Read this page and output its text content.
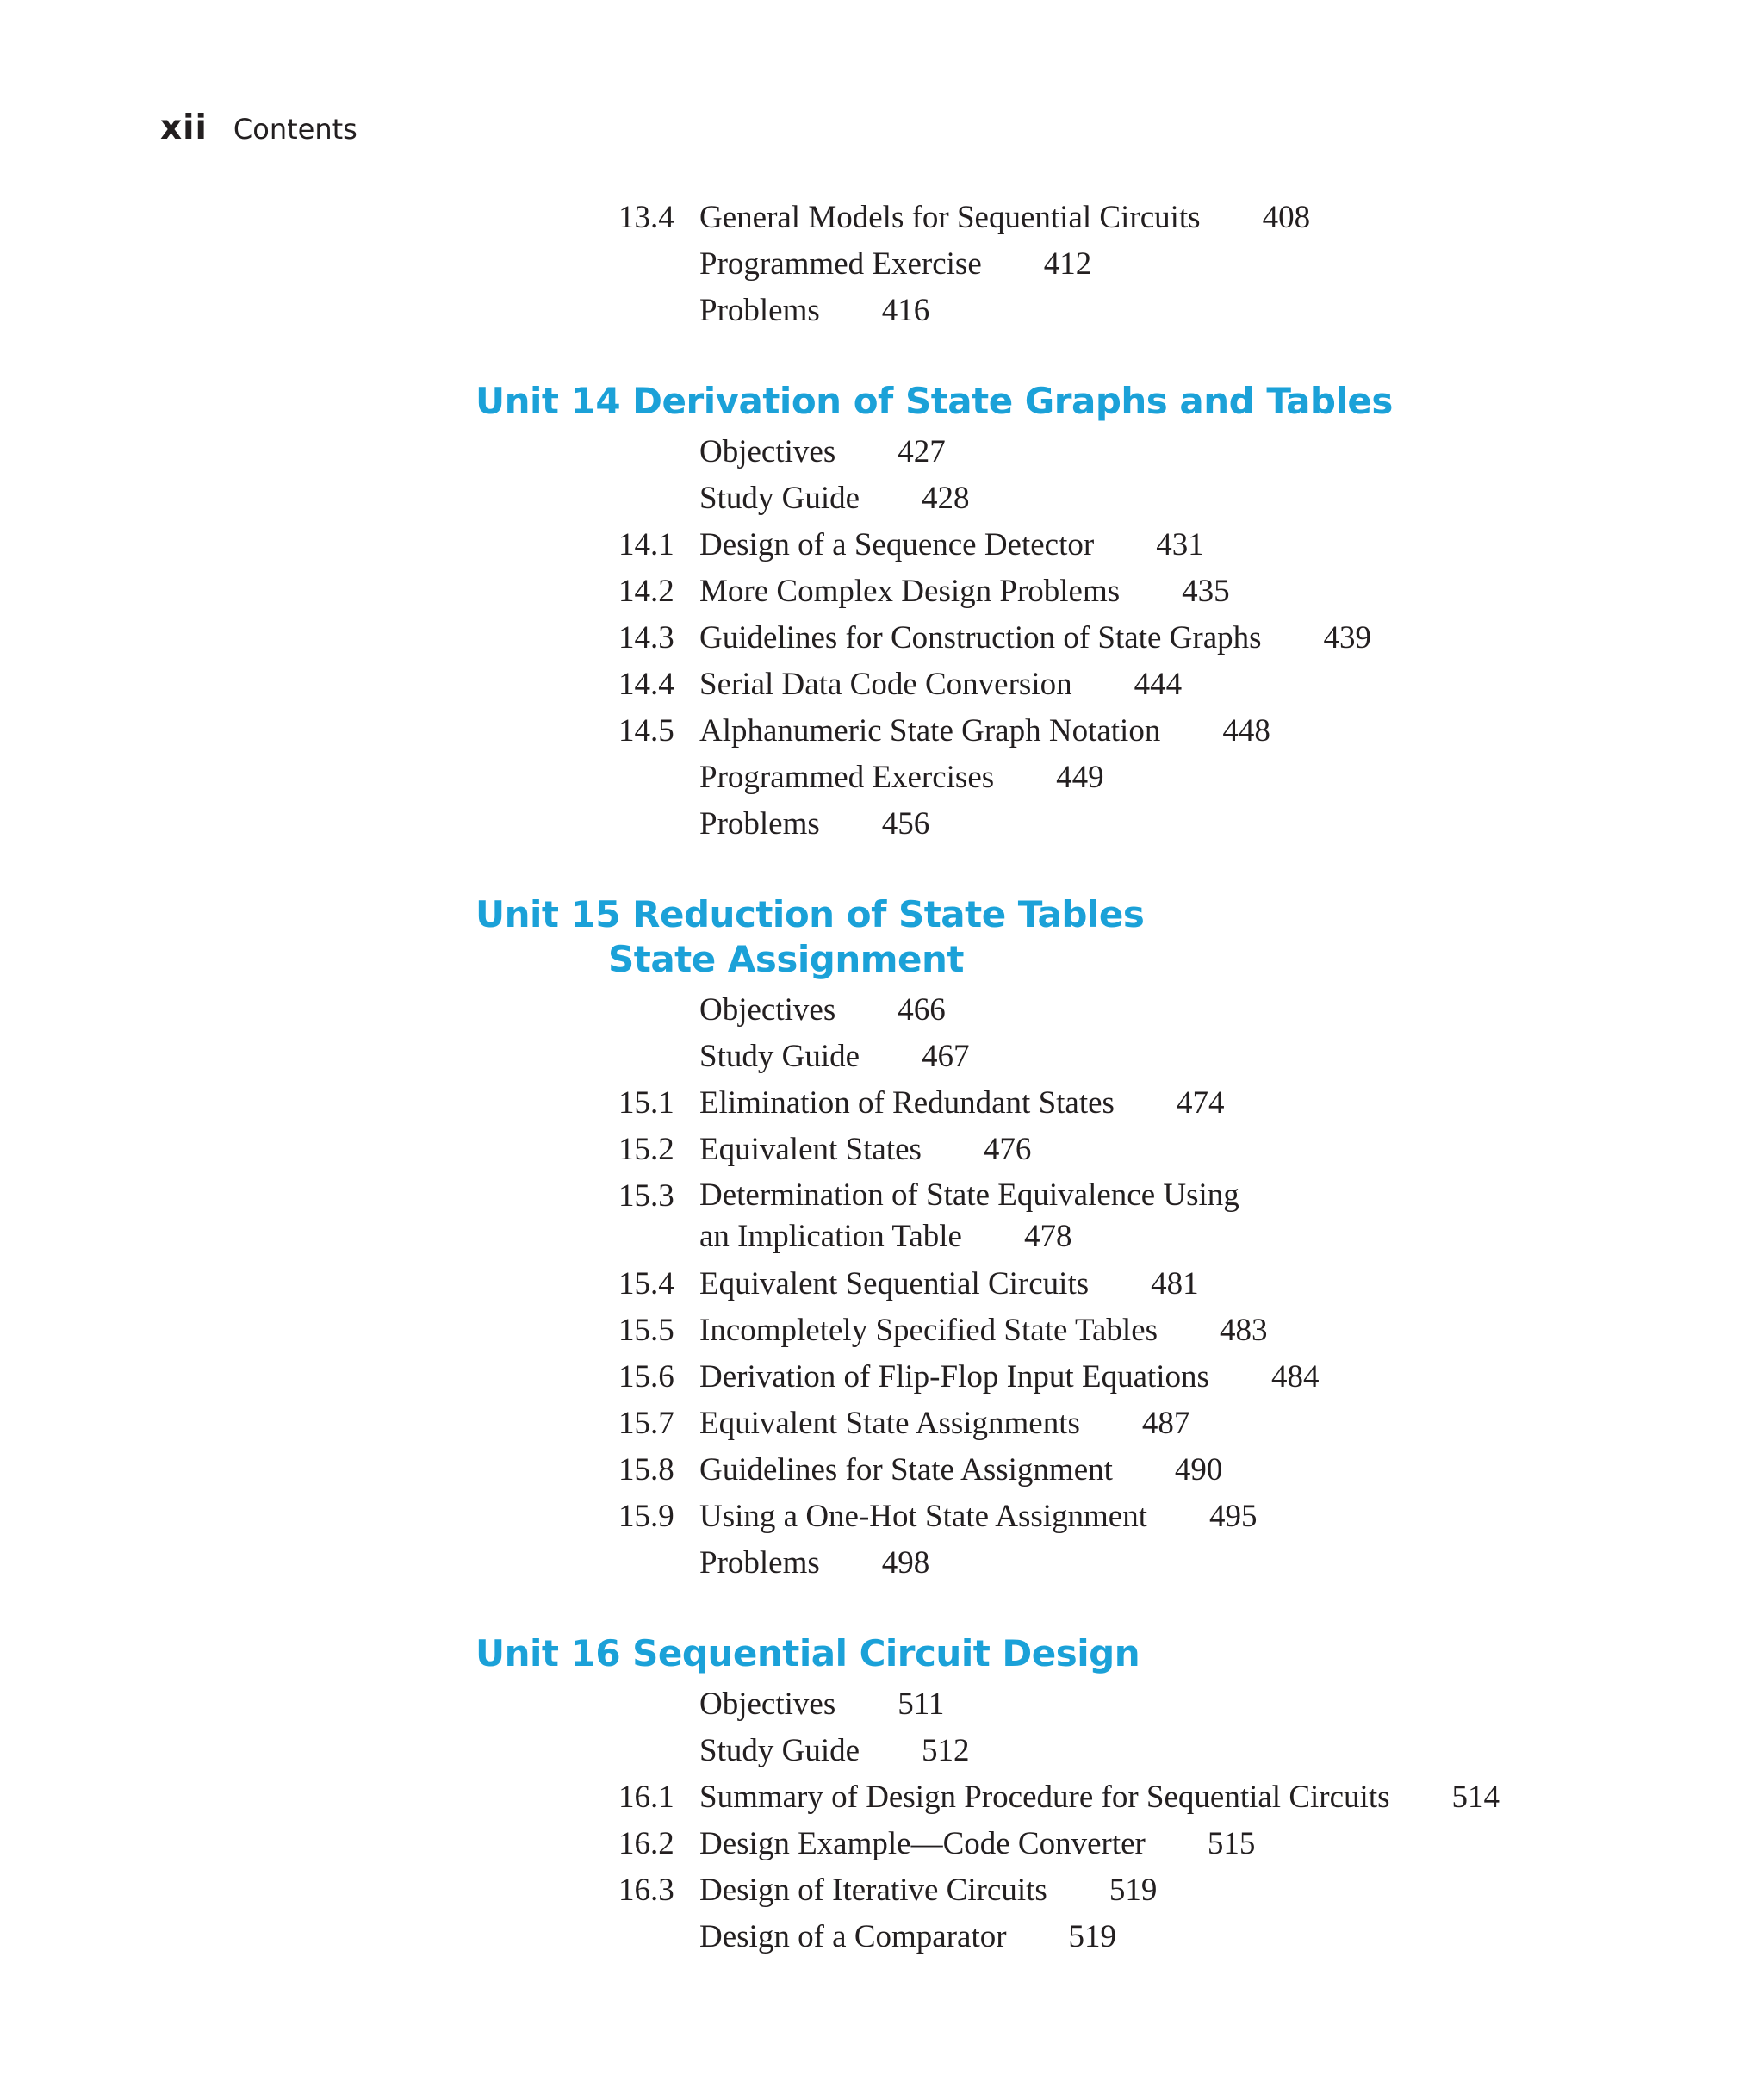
xii Contents
13.4 General Models for Sequential Circuits 408
Programmed Exercise 412
Problems 416
Unit 14 Derivation of State Graphs and Tables
Objectives 427
Study Guide 428
14.1 Design of a Sequence Detector 431
14.2 More Complex Design Problems 435
14.3 Guidelines for Construction of State Graphs 439
14.4 Serial Data Code Conversion 444
14.5 Alphanumeric State Graph Notation 448
Programmed Exercises 449
Problems 456
Unit 15 Reduction of State Tables
State Assignment
Objectives 466
Study Guide 467
15.1 Elimination of Redundant States 474
15.2 Equivalent States 476
15.3 Determination of State Equivalence Using
an Implication Table 478
15.4 Equivalent Sequential Circuits 481
15.5 Incompletely Specified State Tables 483
15.6 Derivation of Flip-Flop Input Equations 484
15.7 Equivalent State Assignments 487
15.8 Guidelines for State Assignment 490
15.9 Using a One-Hot State Assignment 495
Problems 498
Unit 16 Sequential Circuit Design
Objectives 511
Study Guide 512
16.1 Summary of Design Procedure for Sequential Circuits 514
16.2 Design Example—Code Converter 515
16.3 Design of Iterative Circuits 519
Design of a Comparator 519
